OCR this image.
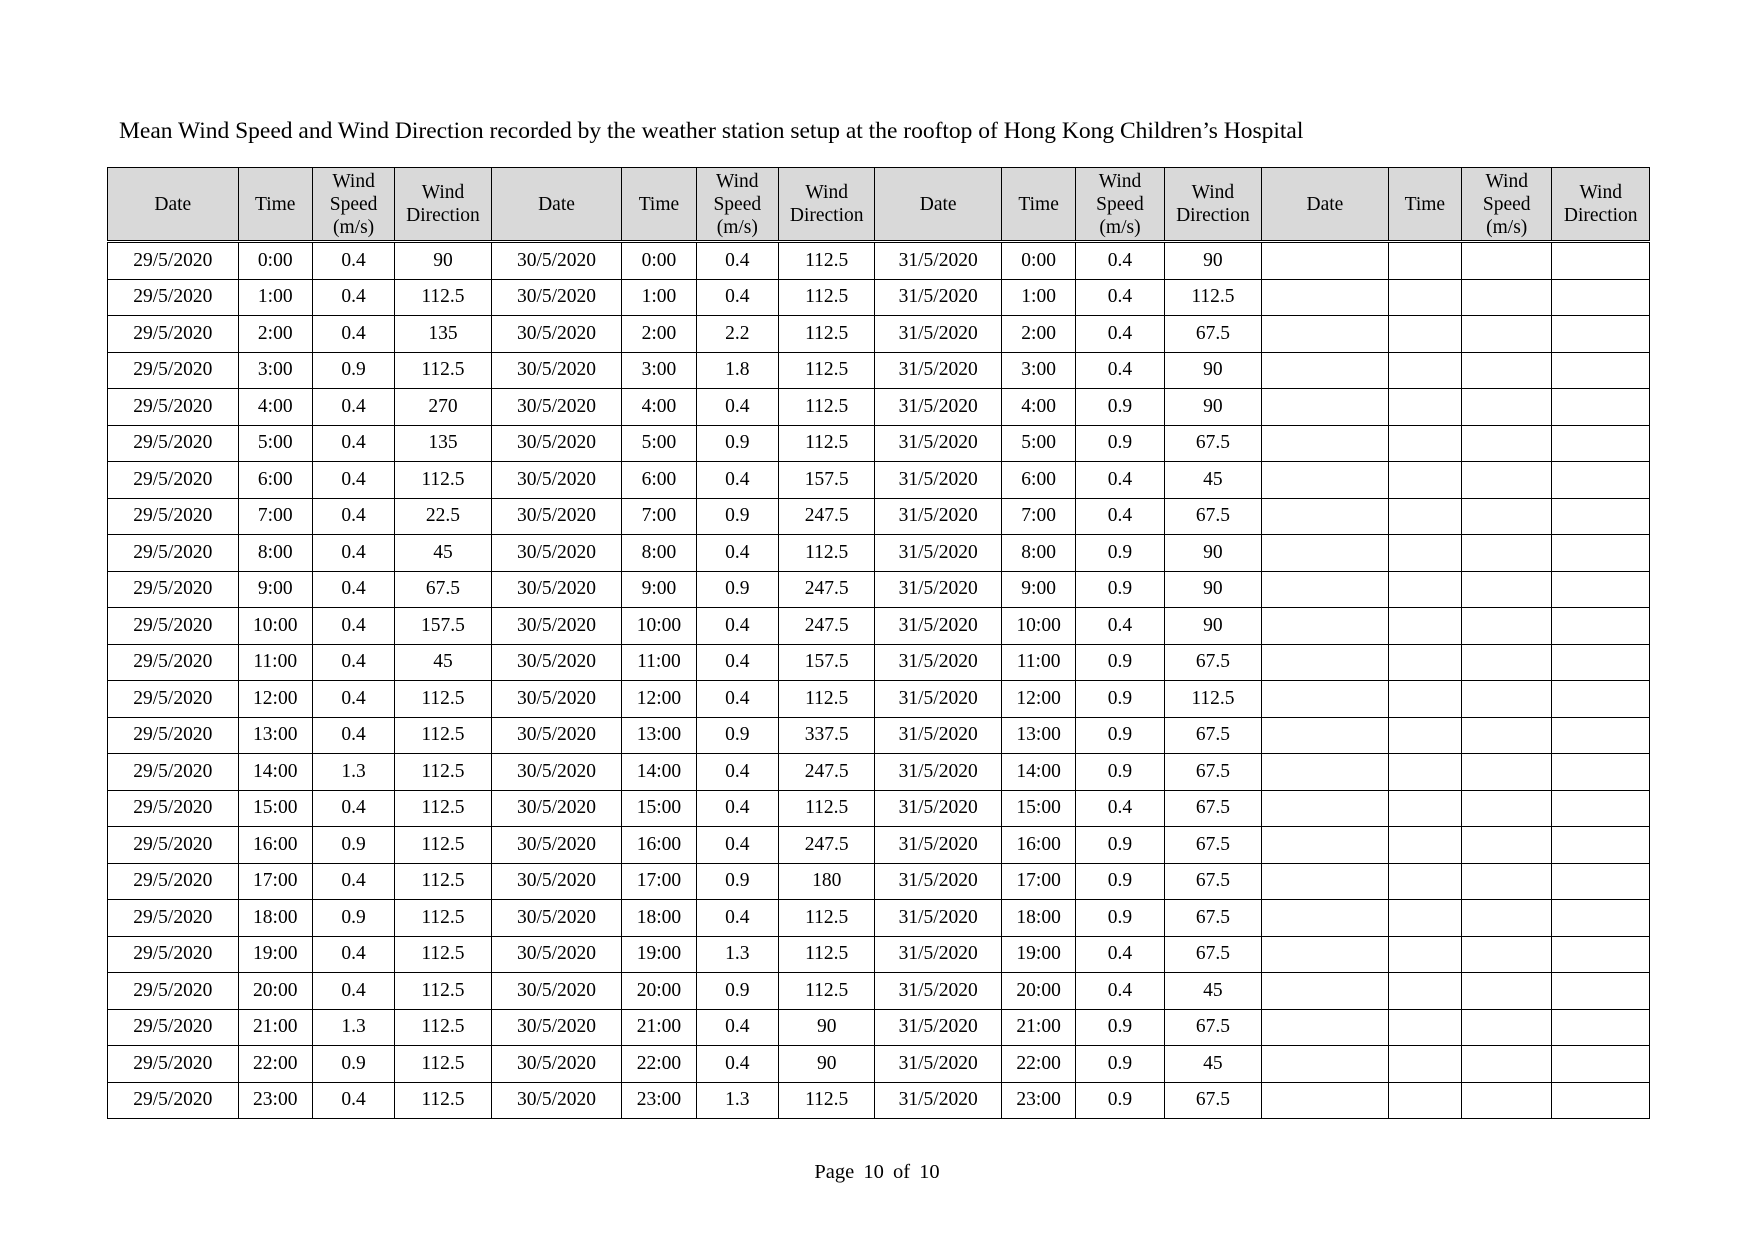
Mean Wind Speed and Wind Direction recorded by the weather station setup at the rooftop of Hong Kong Children’s Hospital
Date	Time	Wind Speed (m/s)	Wind Direction	Date	Time	Wind Speed (m/s)	Wind Direction	Date	Time	Wind Speed (m/s)	Wind Direction	Date	Time	Wind Speed (m/s)	Wind Direction
29/5/2020	0:00	0.4	90	30/5/2020	0:00	0.4	112.5	31/5/2020	0:00	0.4	90				
29/5/2020	1:00	0.4	112.5	30/5/2020	1:00	0.4	112.5	31/5/2020	1:00	0.4	112.5				
29/5/2020	2:00	0.4	135	30/5/2020	2:00	2.2	112.5	31/5/2020	2:00	0.4	67.5				
29/5/2020	3:00	0.9	112.5	30/5/2020	3:00	1.8	112.5	31/5/2020	3:00	0.4	90				
29/5/2020	4:00	0.4	270	30/5/2020	4:00	0.4	112.5	31/5/2020	4:00	0.9	90				
29/5/2020	5:00	0.4	135	30/5/2020	5:00	0.9	112.5	31/5/2020	5:00	0.9	67.5				
29/5/2020	6:00	0.4	112.5	30/5/2020	6:00	0.4	157.5	31/5/2020	6:00	0.4	45				
29/5/2020	7:00	0.4	22.5	30/5/2020	7:00	0.9	247.5	31/5/2020	7:00	0.4	67.5				
29/5/2020	8:00	0.4	45	30/5/2020	8:00	0.4	112.5	31/5/2020	8:00	0.9	90				
29/5/2020	9:00	0.4	67.5	30/5/2020	9:00	0.9	247.5	31/5/2020	9:00	0.9	90				
29/5/2020	10:00	0.4	157.5	30/5/2020	10:00	0.4	247.5	31/5/2020	10:00	0.4	90				
29/5/2020	11:00	0.4	45	30/5/2020	11:00	0.4	157.5	31/5/2020	11:00	0.9	67.5				
29/5/2020	12:00	0.4	112.5	30/5/2020	12:00	0.4	112.5	31/5/2020	12:00	0.9	112.5				
29/5/2020	13:00	0.4	112.5	30/5/2020	13:00	0.9	337.5	31/5/2020	13:00	0.9	67.5				
29/5/2020	14:00	1.3	112.5	30/5/2020	14:00	0.4	247.5	31/5/2020	14:00	0.9	67.5				
29/5/2020	15:00	0.4	112.5	30/5/2020	15:00	0.4	112.5	31/5/2020	15:00	0.4	67.5				
29/5/2020	16:00	0.9	112.5	30/5/2020	16:00	0.4	247.5	31/5/2020	16:00	0.9	67.5				
29/5/2020	17:00	0.4	112.5	30/5/2020	17:00	0.9	180	31/5/2020	17:00	0.9	67.5				
29/5/2020	18:00	0.9	112.5	30/5/2020	18:00	0.4	112.5	31/5/2020	18:00	0.9	67.5				
29/5/2020	19:00	0.4	112.5	30/5/2020	19:00	1.3	112.5	31/5/2020	19:00	0.4	67.5				
29/5/2020	20:00	0.4	112.5	30/5/2020	20:00	0.9	112.5	31/5/2020	20:00	0.4	45				
29/5/2020	21:00	1.3	112.5	30/5/2020	21:00	0.4	90	31/5/2020	21:00	0.9	67.5				
29/5/2020	22:00	0.9	112.5	30/5/2020	22:00	0.4	90	31/5/2020	22:00	0.9	45				
29/5/2020	23:00	0.4	112.5	30/5/2020	23:00	1.3	112.5	31/5/2020	23:00	0.9	67.5				
Page 10 of 10
